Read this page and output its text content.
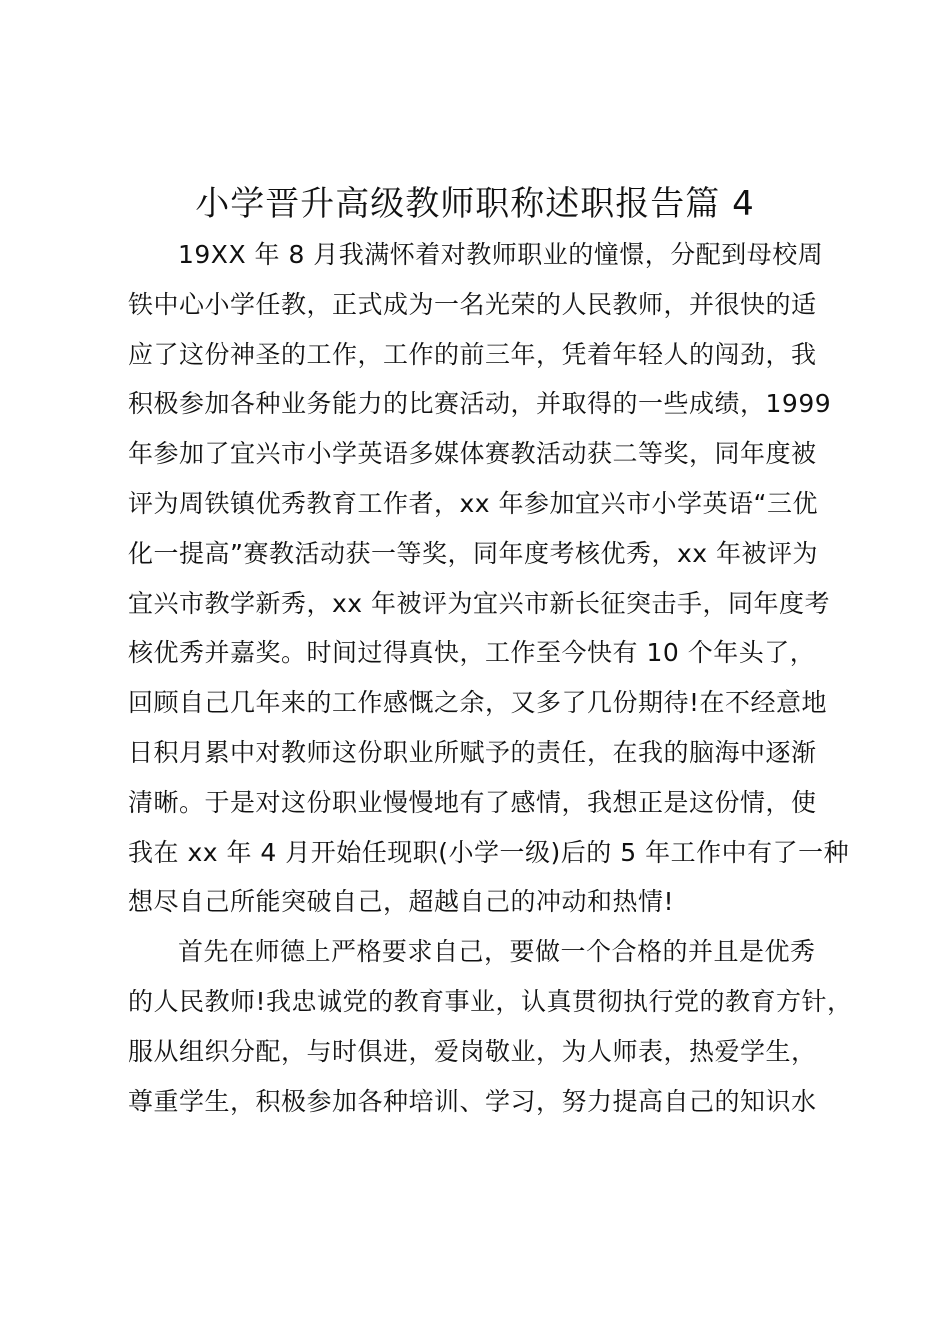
小学晋升高级教师职称述职报告篇 4
19XX 年 8 月我满怀着对教师职业的憧憬，分配到母校周
铁中心小学任教，正式成为一名光荣的人民教师，并很快的适
应了这份神圣的工作，工作的前三年，凭着年轻人的闯劲，我
积极参加各种业务能力的比赛活动，并取得的一些成绩，1999
年参加了宜兴市小学英语多媒体赛教活动获二等奖，同年度被
评为周铁镇优秀教育工作者，xx 年参加宜兴市小学英语“三优
化一提高”赛教活动获一等奖，同年度考核优秀，xx 年被评为
宜兴市教学新秀，xx 年被评为宜兴市新长征突击手，同年度考
核优秀并嘉奖。时间过得真快，工作至今快有 10 个年头了，
回顾自己几年来的工作感慨之余，又多了几份期待!在不经意地
日积月累中对教师这份职业所赋予的责任，在我的脑海中逐渐
清晰。于是对这份职业慢慢地有了感情，我想正是这份情，使
我在 xx 年 4 月开始任现职(小学一级)后的 5 年工作中有了一种
想尽自己所能突破自己，超越自己的冲动和热情!
首先在师德上严格要求自己，要做一个合格的并且是优秀
的人民教师!我忠诚党的教育事业，认真贯彻执行党的教育方针，
服从组织分配，与时俱进，爱岗敬业，为人师表，热爱学生，
尊重学生，积极参加各种培训、学习，努力提高自己的知识水
